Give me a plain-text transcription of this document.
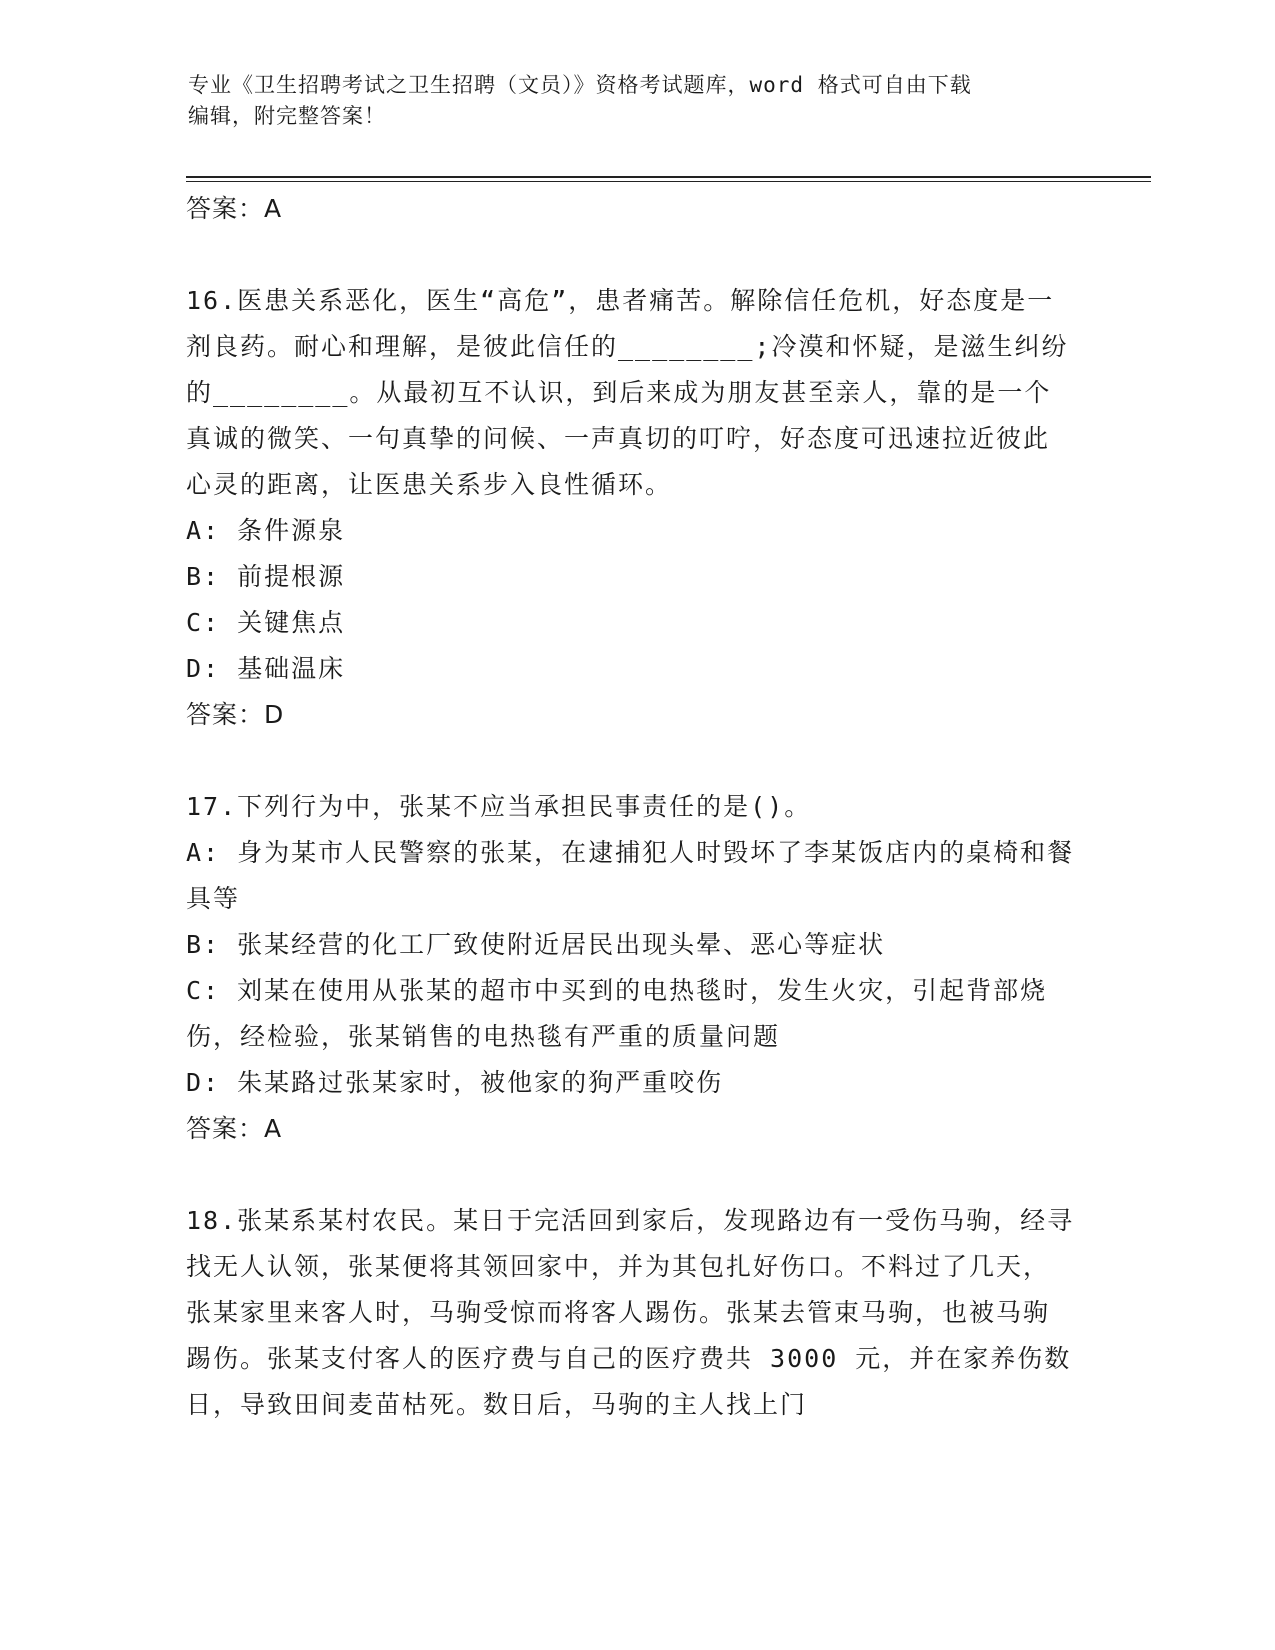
专业《卫生招聘考试之卫生招聘（文员）》资格考试题库，word 格式可自由下载
编辑，附完整答案！

答案：A

16.医患关系恶化，医生“高危”，患者痛苦。解除信任危机，好态度是一剂良药。耐心和理解，是彼此信任的________;冷漠和怀疑，是滋生纠纷的________。从最初互不认识，到后来成为朋友甚至亲人，靠的是一个真诚的微笑、一句真挚的问候、一声真切的叮咛，好态度可迅速拉近彼此心灵的距离，让医患关系步入良性循环。

A: 条件源泉

B: 前提根源

C: 关键焦点

D: 基础温床

答案：D

17.下列行为中，张某不应当承担民事责任的是()。

A: 身为某市人民警察的张某，在逮捕犯人时毁坏了李某饭店内的桌椅和餐具等

B: 张某经营的化工厂致使附近居民出现头晕、恶心等症状

C: 刘某在使用从张某的超市中买到的电热毯时，发生火灾，引起背部烧伤，经检验，张某销售的电热毯有严重的质量问题

D: 朱某路过张某家时，被他家的狗严重咬伤

答案：A

18.张某系某村农民。某日于完活回到家后，发现路边有一受伤马驹，经寻找无人认领，张某便将其领回家中，并为其包扎好伤口。不料过了几天，张某家里来客人时，马驹受惊而将客人踢伤。张某去管束马驹，也被马驹踢伤。张某支付客人的医疗费与自己的医疗费共 3000 元，并在家养伤数日，导致田间麦苗枯死。数日后，马驹的主人找上门
